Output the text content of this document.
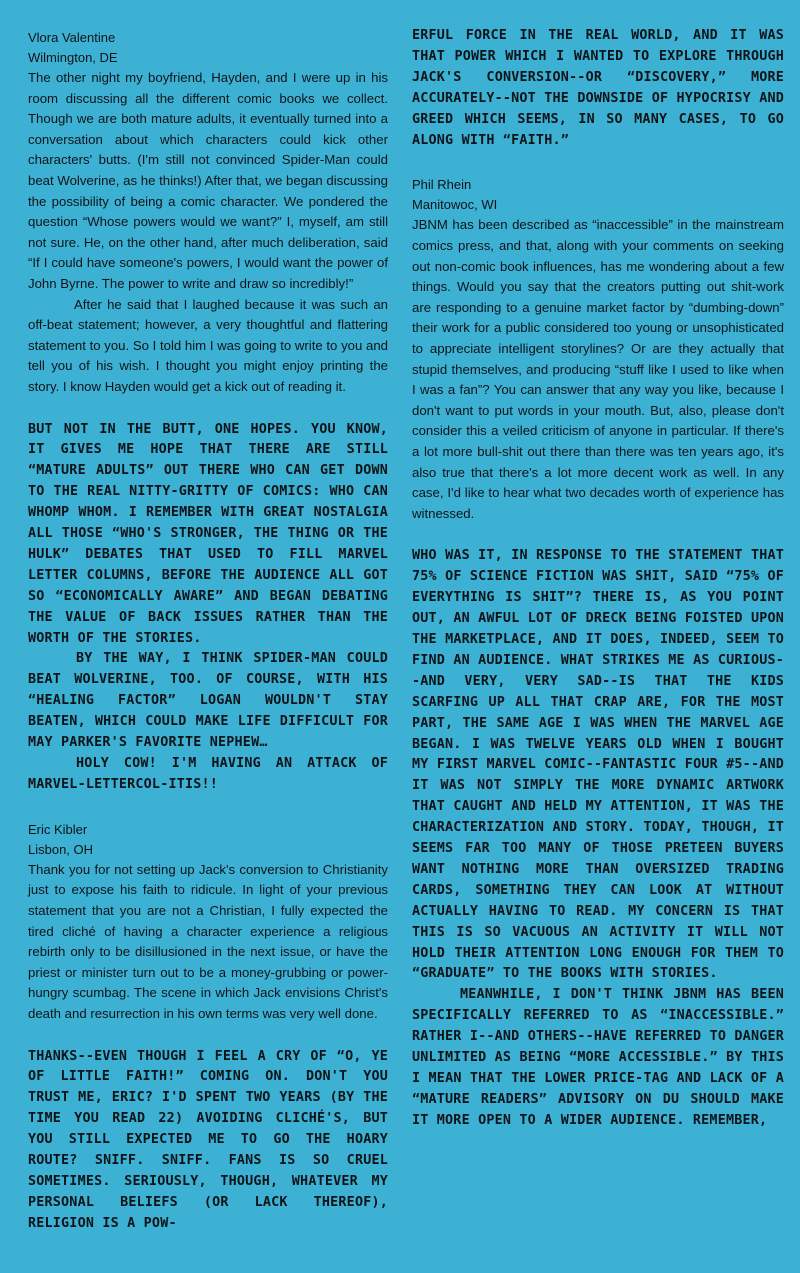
Vlora Valentine
Wilmington, DE

The other night my boyfriend, Hayden, and I were up in his room discussing all the different comic books we collect. Though we are both mature adults, it eventually turned into a conversation about which characters could kick other characters' butts. (I'm still not convinced Spider-Man could beat Wolverine, as he thinks!) After that, we began discussing the possibility of being a comic character. We pondered the question “Whose powers would we want?” I, myself, am still not sure. He, on the other hand, after much deliberation, said “If I could have someone's powers, I would want the power of John Byrne. The power to write and draw so incredibly!”

After he said that I laughed because it was such an off-beat statement; however, a very thoughtful and flattering statement to you. So I told him I was going to write to you and tell you of his wish. I thought you might enjoy printing the story. I know Hayden would get a kick out of reading it.

BUT NOT IN THE BUTT, ONE HOPES. YOU KNOW, IT GIVES ME HOPE THAT THERE ARE STILL “MATURE ADULTS” OUT THERE WHO CAN GET DOWN TO THE REAL NITTY-GRITTY OF COMICS: WHO CAN WHOMP WHOM. I REMEMBER WITH GREAT NOSTALGIA ALL THOSE “WHO'S STRONGER, THE THING OR THE HULK” DEBATES THAT USED TO FILL MARVEL LETTER COLUMNS, BEFORE THE AUDIENCE ALL GOT SO “ECONOMICALLY AWARE” AND BEGAN DEBATING THE VALUE OF BACK ISSUES RATHER THAN THE WORTH OF THE STORIES.

BY THE WAY, I THINK SPIDER-MAN COULD BEAT WOLVERINE, TOO. OF COURSE, WITH HIS “HEALING FACTOR” LOGAN WOULDN'T STAY BEATEN, WHICH COULD MAKE LIFE DIFFICULT FOR MAY PARKER'S FAVORITE NEPHEW…

HOLY COW! I'M HAVING AN ATTACK OF MARVEL-LETTERCOL-ITIS!!

Eric Kibler
Lisbon, OH

Thank you for not setting up Jack's conversion to Christianity just to expose his faith to ridicule. In light of your previous statement that you are not a Christian, I fully expected the tired cliché of having a character experience a religious rebirth only to be disillusioned in the next issue, or have the priest or minister turn out to be a money-grubbing or power-hungry scumbag. The scene in which Jack envisions Christ's death and resurrection in his own terms was very well done.

THANKS--EVEN THOUGH I FEEL A CRY OF “O, YE OF LITTLE FAITH!” COMING ON. DON'T YOU TRUST ME, ERIC? I'D SPENT TWO YEARS (BY THE TIME YOU READ 22) AVOIDING CLICHÉ'S, BUT YOU STILL EXPECTED ME TO GO THE HOARY ROUTE? SNIFF. SNIFF. FANS IS SO CRUEL SOMETIMES. SERIOUSLY, THOUGH, WHATEVER MY PERSONAL BELIEFS (OR LACK THEREOF), RELIGION IS A POW-

ERFUL FORCE IN THE REAL WORLD, AND IT WAS THAT POWER WHICH I WANTED TO EXPLORE THROUGH JACK'S CONVERSION--OR “DISCOVERY,” MORE ACCURATELY--NOT THE DOWNSIDE OF HYPOCRISY AND GREED WHICH SEEMS, IN SO MANY CASES, TO GO ALONG WITH “FAITH.”

Phil Rhein
Manitowoc, WI

JBNM has been described as “inaccessible” in the mainstream comics press, and that, along with your comments on seeking out non-comic book influences, has me wondering about a few things. Would you say that the creators putting out shit-work are responding to a genuine market factor by “dumbing-down” their work for a public considered too young or unsophisticated to appreciate intelligent storylines? Or are they actually that stupid themselves, and producing “stuff like I used to like when I was a fan”? You can answer that any way you like, because I don't want to put words in your mouth. But, also, please don't consider this a veiled criticism of anyone in particular. If there's a lot more bull-shit out there than there was ten years ago, it's also true that there's a lot more decent work as well. In any case, I'd like to hear what two decades worth of experience has witnessed.

WHO WAS IT, IN RESPONSE TO THE STATEMENT THAT 75% OF SCIENCE FICTION WAS SHIT, SAID “75% OF EVERYTHING IS SHIT”? THERE IS, AS YOU POINT OUT, AN AWFUL LOT OF DRECK BEING FOISTED UPON THE MARKETPLACE, AND IT DOES, INDEED, SEEM TO FIND AN AUDIENCE. WHAT STRIKES ME AS CURIOUS--AND VERY, VERY SAD--IS THAT THE KIDS SCARFING UP ALL THAT CRAP ARE, FOR THE MOST PART, THE SAME AGE I WAS WHEN THE MARVEL AGE BEGAN. I WAS TWELVE YEARS OLD WHEN I BOUGHT MY FIRST MARVEL COMIC--FANTASTIC FOUR #5--AND IT WAS NOT SIMPLY THE MORE DYNAMIC ARTWORK THAT CAUGHT AND HELD MY ATTENTION, IT WAS THE CHARACTERIZATION AND STORY. TODAY, THOUGH, IT SEEMS FAR TOO MANY OF THOSE PRETEEN BUYERS WANT NOTHING MORE THAN OVERSIZED TRADING CARDS, SOMETHING THEY CAN LOOK AT WITHOUT ACTUALLY HAVING TO READ. MY CONCERN IS THAT THIS IS SO VACUOUS AN ACTIVITY IT WILL NOT HOLD THEIR ATTENTION LONG ENOUGH FOR THEM TO “GRADUATE” TO THE BOOKS WITH STORIES.

MEANWHILE, I DON'T THINK JBNM HAS BEEN SPECIFICALLY REFERRED TO AS “INACCESSIBLE.” RATHER I--AND OTHERS--HAVE REFERRED TO DANGER UNLIMITED AS BEING “MORE ACCESSIBLE.” BY THIS I MEAN THAT THE LOWER PRICE-TAG AND LACK OF A “MATURE READERS” ADVISORY ON DU SHOULD MAKE IT MORE OPEN TO A WIDER AUDIENCE. REMEMBER,
